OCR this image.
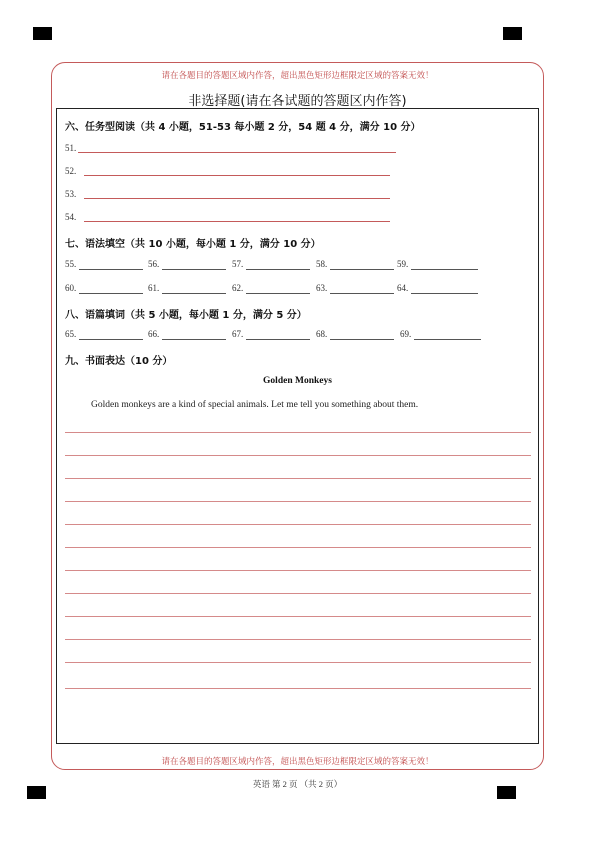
请在各题目的答题区域内作答，超出黑色矩形边框限定区域的答案无效！
非选择题(请在各试题的答题区内作答)
六、任务型阅读（共 4 小题，51-53 每小题 2 分，54 题 4 分，满分 10 分）
51.
52.
53.
54.
七、语法填空（共 10 小题，每小题 1 分，满分 10 分）
55.	56.	57.	58.	59.
60.	61.	62.	63.	64.
八、语篇填词（共 5 小题，每小题 1 分，满分 5 分）
65.	66.	67.	68.	69.
九、书面表达（10 分）
Golden Monkeys
Golden monkeys are a kind of special animals. Let me tell you something about them.
请在各题目的答题区域内作答，超出黑色矩形边框限定区域的答案无效！
英语 第 2 页 （共 2 页）
